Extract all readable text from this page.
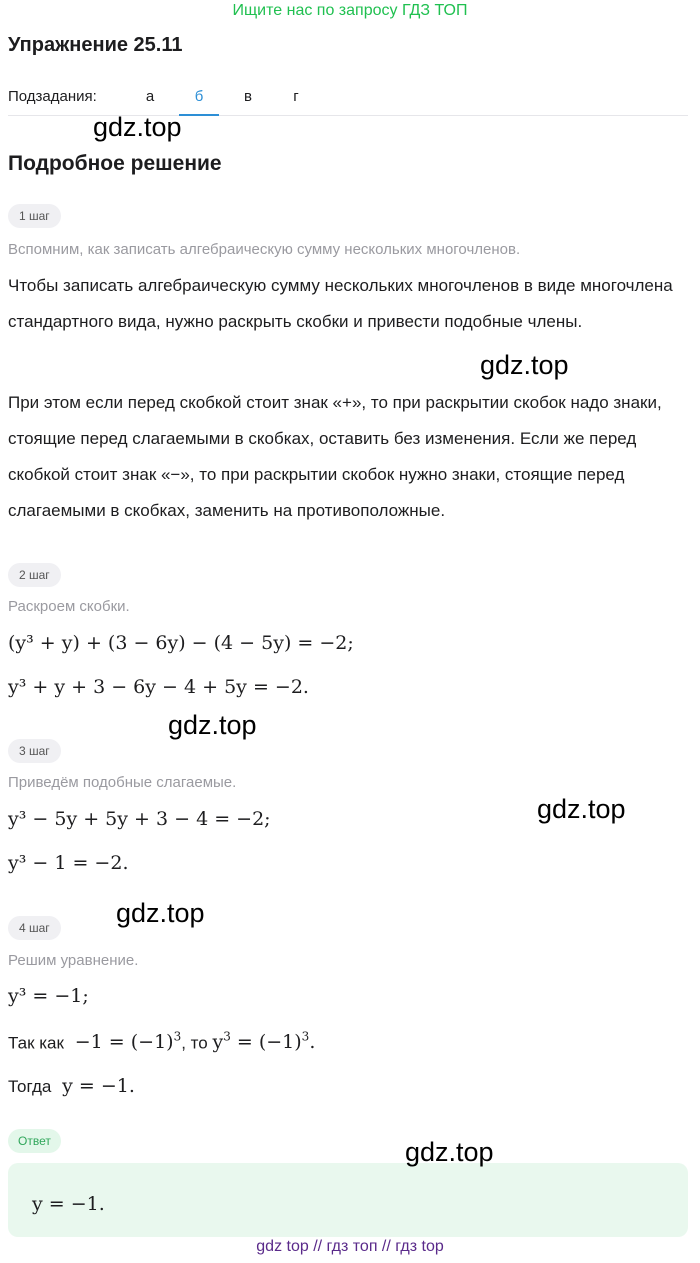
Ищите нас по запросу ГДЗ ТОП
Упражнение 25.11
Подзадания:	а	б	в	г
gdz.top
Подробное решение
1 шаг
Вспомним, как записать алгебраическую сумму нескольких многочленов.
Чтобы записать алгебраическую сумму нескольких многочленов в виде многочлена стандартного вида, нужно раскрыть скобки и привести подобные члены.
gdz.top
При этом если перед скобкой стоит знак «+», то при раскрытии скобок надо знаки, стоящие перед слагаемыми в скобках, оставить без изменения. Если же перед скобкой стоит знак «−», то при раскрытии скобок нужно знаки, стоящие перед слагаемыми в скобках, заменить на противоположные.
2 шаг
Раскроем скобки.
(y³ + y) + (3 − 6y) − (4 − 5y) = −2;
y³ + y + 3 − 6y − 4 + 5y = −2.
gdz.top
3 шаг
Приведём подобные слагаемые.
gdz.top
y³ − 5y + 5y + 3 − 4 = −2;
y³ − 1 = −2.
gdz.top
4 шаг
Решим уравнение.
y³ = −1;
Так как  $-1 = (-1)^3$, то $y^3 = (-1)^3$.
Тогда  y = −1.
Ответ
y = −1.
gdz.top
gdz top // гдз топ // гдз top
